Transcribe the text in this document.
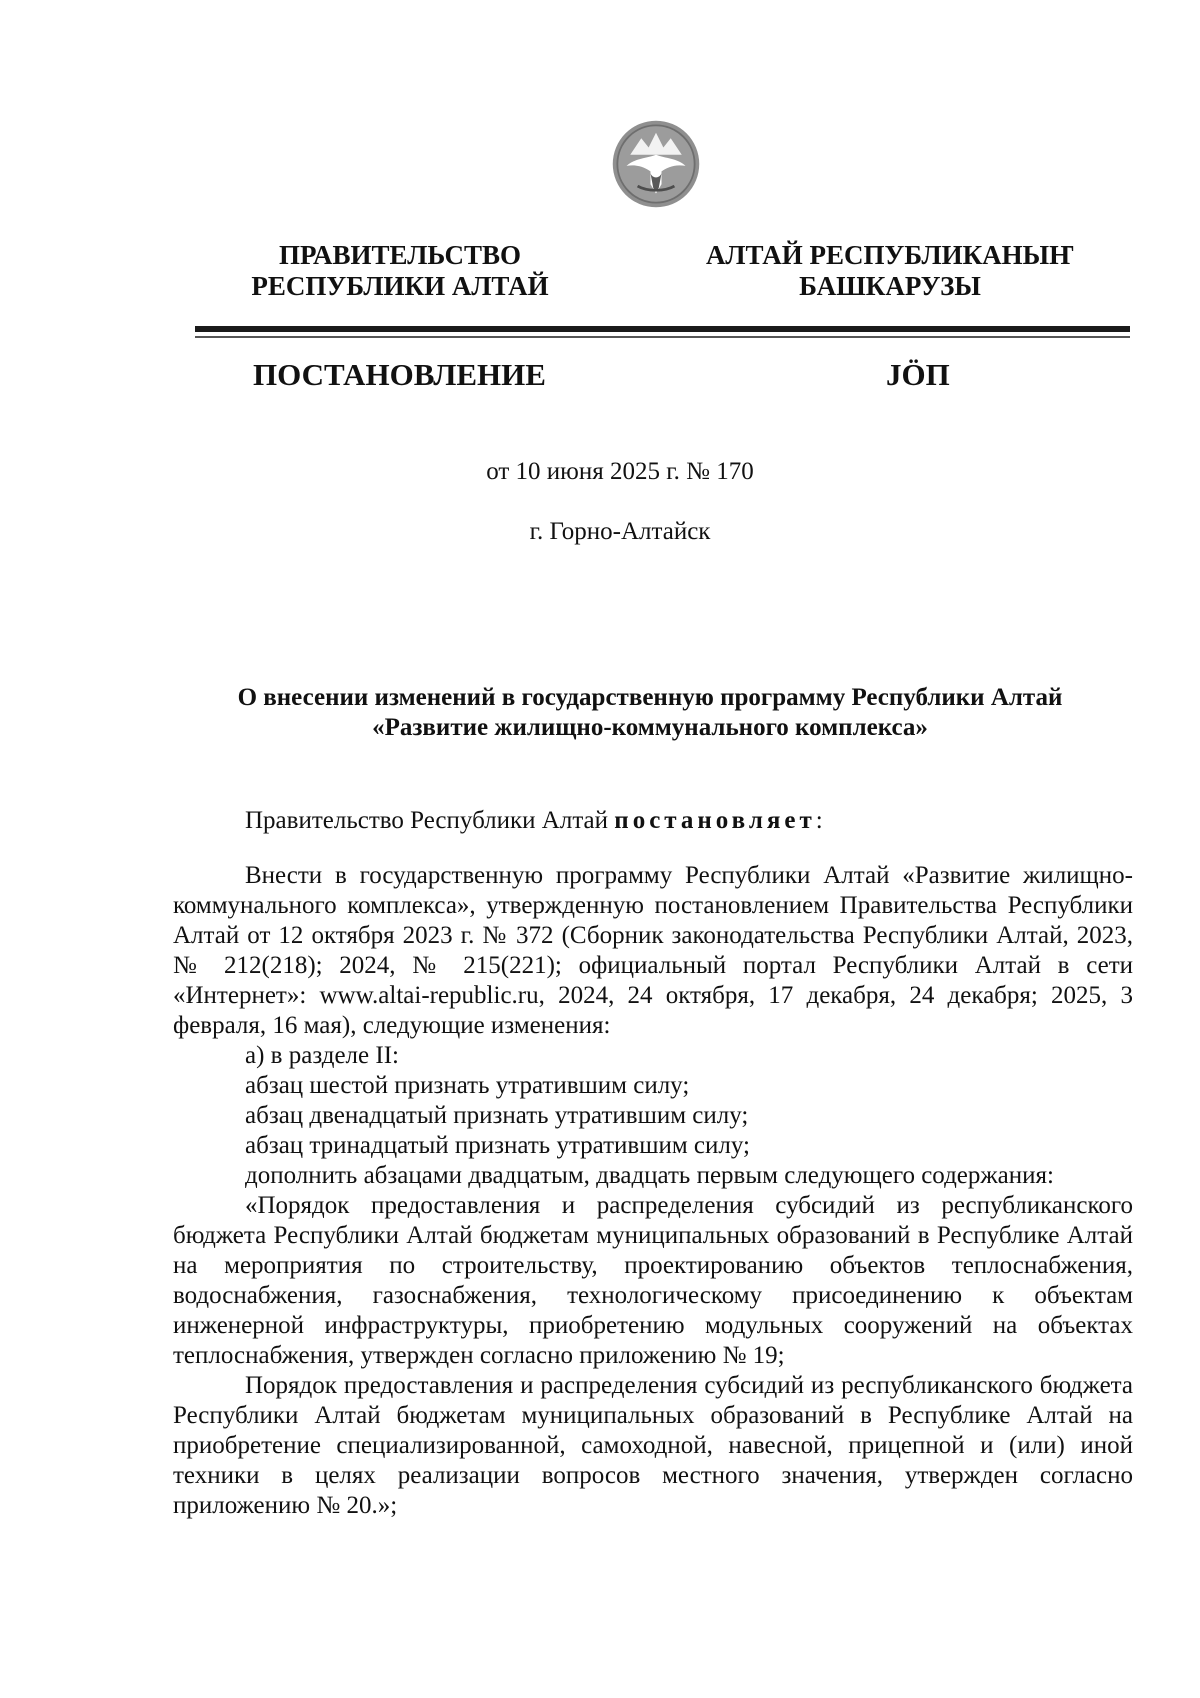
ПРАВИТЕЛЬСТВО
РЕСПУБЛИКИ АЛТАЙ
АЛТАЙ РЕСПУБЛИКАНЫҤ
БАШКАРУЗЫ
ПОСТАНОВЛЕНИЕ	JӦП
от 10 июня 2025 г. № 170
г. Горно-Алтайск
О внесении изменений в государственную программу Республики Алтай
«Развитие жилищно-коммунального комплекса»

Правительство Республики Алтай постановляет:

Внести в государственную программу Республики Алтай «Развитие жилищно-коммунального комплекса», утвержденную постановлением Правительства Республики Алтай от 12 октября 2023 г. № 372 (Сборник законодательства Республики Алтай, 2023, № 212(218); 2024, № 215(221); официальный портал Республики Алтай в сети «Интернет»: www.altai-republic.ru, 2024, 24 октября, 17 декабря, 24 декабря; 2025, 3 февраля, 16 мая), следующие изменения:

а) в разделе II:

абзац шестой признать утратившим силу;

абзац двенадцатый признать утратившим силу;

абзац тринадцатый признать утратившим силу;

дополнить абзацами двадцатым, двадцать первым следующего содержания:

«Порядок предоставления и распределения субсидий из республиканского бюджета Республики Алтай бюджетам муниципальных образований в Республике Алтай на мероприятия по строительству, проектированию объектов теплоснабжения, водоснабжения, газоснабжения, технологическому присоединению к объектам инженерной инфраструктуры, приобретению модульных сооружений на объектах теплоснабжения, утвержден согласно приложению № 19;

Порядок предоставления и распределения субсидий из республиканского бюджета Республики Алтай бюджетам муниципальных образований в Республике Алтай на приобретение специализированной, самоходной, навесной, прицепной и (или) иной техники в целях реализации вопросов местного значения, утвержден согласно приложению № 20.»;
